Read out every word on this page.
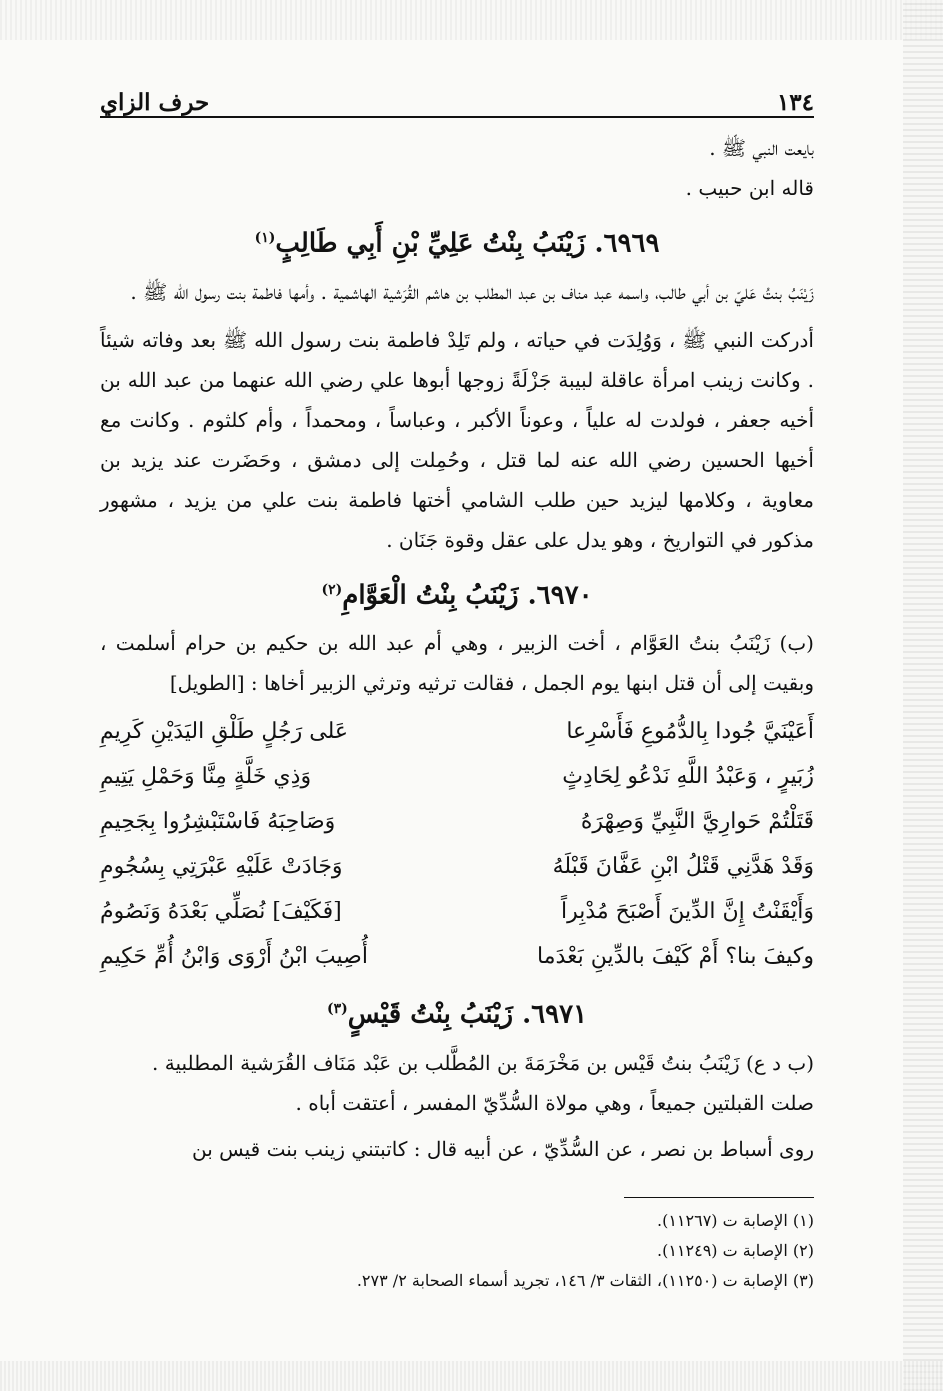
١٣٤
حرف الزاي
بايعت النبي ﷺ .
قاله ابن حبيب .
٦٩٦٩. زَيْنَبُ بِنْتُ عَلِيِّ بْنِ أَبِي طَالِبٍ$^{(١)}$

زَيْنَبُ بنتُ عَليّ بن أبي طالب، واسمه عبد مناف بن عبد المطلب بن هاشم القُرَشية الهاشمية . وأمها فاطمة بنت رسول الله ﷺ .

أدركت النبي ﷺ ، وَوُلِدَت في حياته ، ولم تَلِدْ فاطمة بنت رسول الله ﷺ بعد وفاته شيئاً . وكانت زينب امرأة عاقلة لبيبة جَزْلَةً زوجها أبوها علي رضي الله عنهما من عبد الله بن أخيه جعفر ، فولدت له علياً ، وعوناً الأكبر ، وعباساً ، ومحمداً ، وأم كلثوم . وكانت مع أخيها الحسين رضي الله عنه لما قتل ، وحُمِلت إلى دمشق ، وحَضَرت عند يزيد بن معاوية ، وكلامها ليزيد حين طلب الشامي أختها فاطمة بنت علي من يزيد ، مشهور مذكور في التواريخ ، وهو يدل على عقل وقوة جَنَان .

٦٩٧٠. زَيْنَبُ بِنْتُ الْعَوَّامِ$^{(٢)}$

(ب) زَيْنَبُ بنتُ العَوَّام ، أخت الزبير ، وهي أم عبد الله بن حكيم بن حرام أسلمت ، وبقيت إلى أن قتل ابنها يوم الجمل ، فقالت ترثيه وترثي الزبير أخاها : [الطويل]

أَعَيْنَيَّ جُودا بِالدُّمُوعِ فَأَسْرِعا
عَلى رَجُلٍ طَلْقِ اليَدَيْنِ كَرِيمِ
زُبَيرٍ ، وَعَبْدُ اللَّهِ نَدْعُو لِحَادِثٍ
وَذِي خَلَّةٍ مِنَّا وَحَمْلِ يَتِيمِ
قَتَلْتُمْ حَوارِيَّ النَّبِيِّ وَصِهْرَهُ
وَصَاحِبَهُ فَاسْتَبْشِرُوا بِجَحِيمِ
وَقَدْ هَدَّنِي قَتْلُ ابْنِ عَفَّانَ قَبْلَهُ
وَجَادَتْ عَلَيْهِ عَبْرَتِي بِسُجُومِ
وَأَيْقَنْتُ إِنَّ الدِّينَ أَصْبَحَ مُدْبِراً
[فَكَيْفَ] نُصَلِّي بَعْدَهُ وَنَصُومُ
وكيفَ بنا؟ أَمْ كَيْفَ بالدِّينِ بَعْدَما
أُصِيبَ ابْنُ أَرْوَى وَابْنُ أُمِّ حَكِيمِ
٦٩٧١. زَيْنَبُ بِنْتُ قَيْسٍ$^{(٣)}$

(ب د ع) زَيْنَبُ بنتُ قَيْس بن مَخْرَمَةَ بن المُطَّلب بن عَبْد مَنَاف القُرَشية المطلبية .

صلت القبلتين جميعاً ، وهي مولاة السُّدِّيّ المفسر ، أعتقت أباه .

روى أسباط بن نصر ، عن السُّدِّيّ ، عن أبيه قال : كاتبتني زينب بنت قيس بن

(١) الإصابة ت (١١٢٦٧).
(٢) الإصابة ت (١١٢٤٩).
(٣) الإصابة ت (١١٢٥٠)، الثقات ٣/ ١٤٦، تجريد أسماء الصحابة ٢/ ٢٧٣.
